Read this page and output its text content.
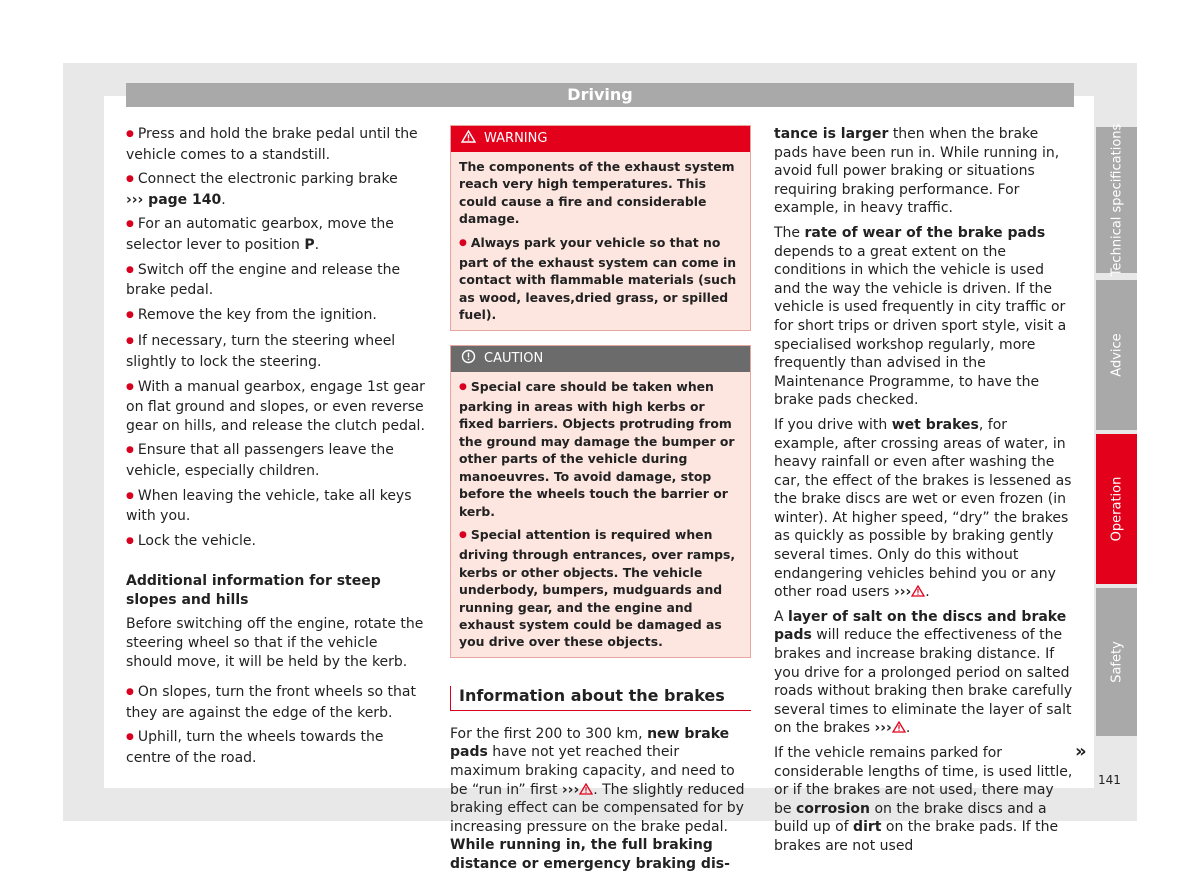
Driving

● Press and hold the brake pedal until the vehicle comes to a standstill.

● Connect the electronic parking brake
››› page 140.

● For an automatic gearbox, move the selector lever to position P.

● Switch off the engine and release the brake pedal.

● Remove the key from the ignition.

● If necessary, turn the steering wheel slightly to lock the steering.

● With a manual gearbox, engage 1st gear on flat ground and slopes, or even reverse gear on hills, and release the clutch pedal.

● Ensure that all passengers leave the vehicle, especially children.

● When leaving the vehicle, take all keys with you.

● Lock the vehicle.

Additional information for steep slopes and hills

Before switching off the engine, rotate the steering wheel so that if the vehicle should move, it will be held by the kerb.

● On slopes, turn the front wheels so that they are against the edge of the kerb.

● Uphill, turn the wheels towards the centre of the road.

WARNING

The components of the exhaust system reach very high temperatures. This could cause a fire and considerable damage.

● Always park your vehicle so that no part of the exhaust system can come in contact with flammable materials (such as wood, leaves,dried grass, or spilled fuel).

CAUTION

● Special care should be taken when parking in areas with high kerbs or fixed barriers. Objects protruding from the ground may damage the bumper or other parts of the vehicle during manoeuvres. To avoid damage, stop before the wheels touch the barrier or kerb.

● Special attention is required when driving through entrances, over ramps, kerbs or other objects. The vehicle underbody, bumpers, mudguards and running gear, and the engine and exhaust system could be damaged as you drive over these objects.

Information about the brakes

For the first 200 to 300 km, new brake pads have not yet reached their maximum braking capacity, and need to be “run in” first ››› . The slightly reduced braking effect can be compensated for by increasing pressure on the brake pedal. While running in, the full braking distance or emergency braking dis-

tance is larger then when the brake pads have been run in. While running in, avoid full power braking or situations requiring braking performance. For example, in heavy traffic.

The rate of wear of the brake pads depends to a great extent on the conditions in which the vehicle is used and the way the vehicle is driven. If the vehicle is used frequently in city traffic or for short trips or driven sport style, visit a specialised workshop regularly, more frequently than advised in the Maintenance Programme, to have the brake pads checked.

If you drive with wet brakes, for example, after crossing areas of water, in heavy rainfall or even after washing the car, the effect of the brakes is lessened as the brake discs are wet or even frozen (in winter). At higher speed, “dry” the brakes as quickly as possible by braking gently several times. Only do this without endangering vehicles behind you or any other road users ››› .

A layer of salt on the discs and brake pads will reduce the effectiveness of the brakes and increase braking distance. If you drive for a prolonged period on salted roads without braking then brake carefully several times to eliminate the layer of salt on the brakes ››› .

If the vehicle remains parked for considerable lengths of time, is used little, or if the brakes are not used, there may be corrosion on the brake discs and a build up of dirt on the brake pads. If the brakes are not used

Technical specifications
Advice
Operation
Safety
»
141
